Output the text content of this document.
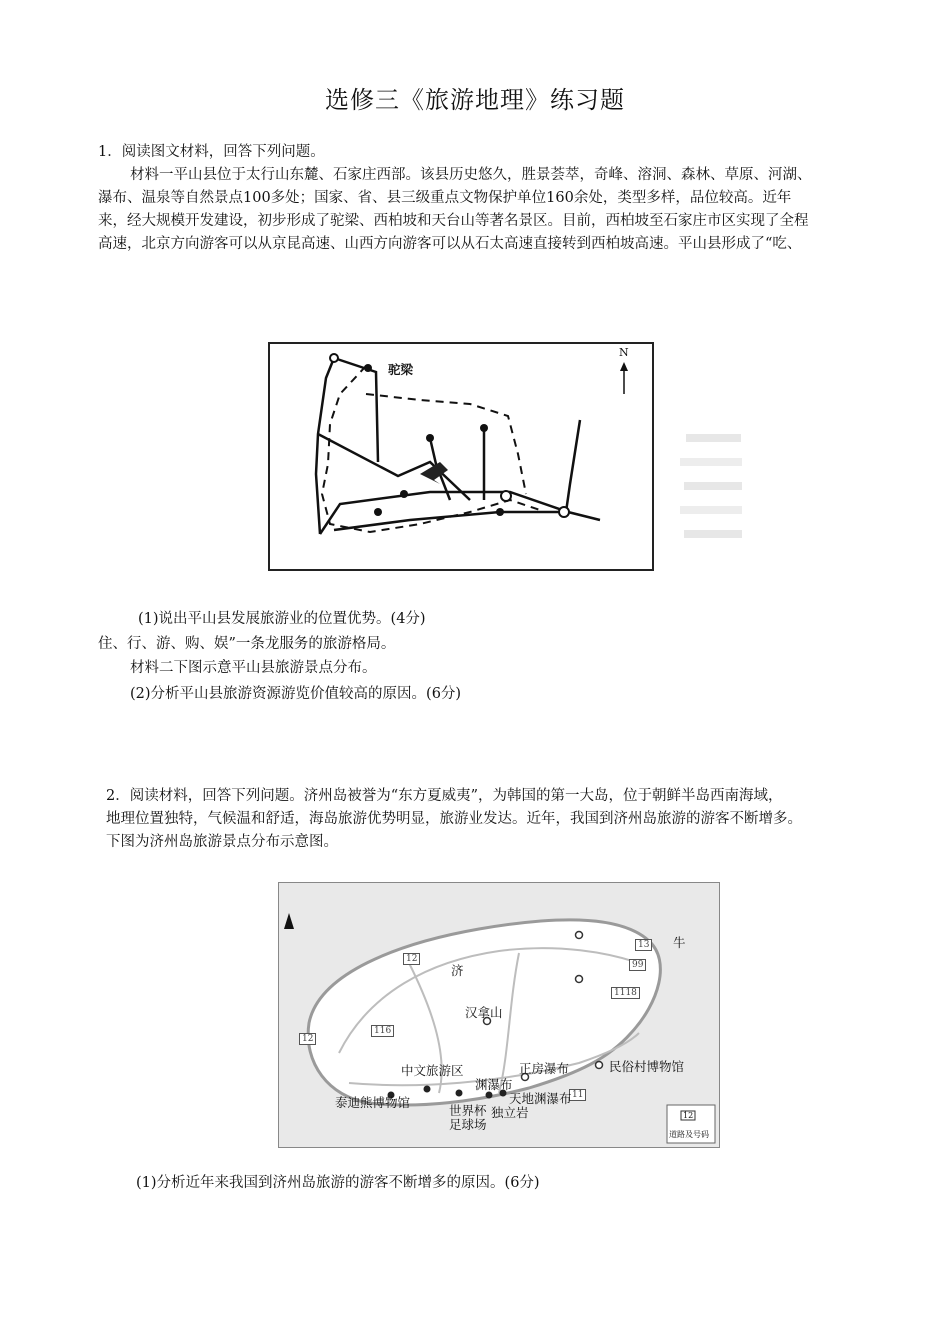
选修三《旅游地理》练习题
1．阅读图文材料，回答下列问题。
材料一平山县位于太行山东麓、石家庄西部。该县历史悠久，胜景荟萃，奇峰、溶洞、森林、草原、河湖、
瀑布、温泉等自然景点100多处；国家、省、县三级重点文物保护单位160余处，类型多样，品位较高。近年
来，经大规模开发建设，初步形成了驼梁、西柏坡和天台山等著名景区。目前，西柏坡至石家庄市区实现了全程
高速，北京方向游客可以从京昆高速、山西方向游客可以从石太高速直接转到西柏坡高速。平山县形成了“吃、
驼梁
N
(1)说出平山县发展旅游业的位置优势。(4分)
住、行、游、购、娱”一条龙服务的旅游格局。
材料二下图示意平山县旅游景点分布。
(2)分析平山县旅游资源游览价值较高的原因。(6分)
2．阅读材料，回答下列问题。济州岛被誉为“东方夏威夷”，为韩国的第一大岛，位于朝鲜半岛西南海域，
地理位置独特，气候温和舒适，海岛旅游优势明显，旅游业发达。近年，我国到济州岛旅游的游客不断增多。
下图为济州岛旅游景点分布示意图。
12
12
116
11
1118
99
13
济
牛
汉拿山
中文旅游区	正房瀑布	民俗村博物馆
渊瀑布
天地渊瀑布
泰迪熊博物馆
世界杯 独立岩
足球场
12
道路及号码
(1)分析近年来我国到济州岛旅游的游客不断增多的原因。(6分)
